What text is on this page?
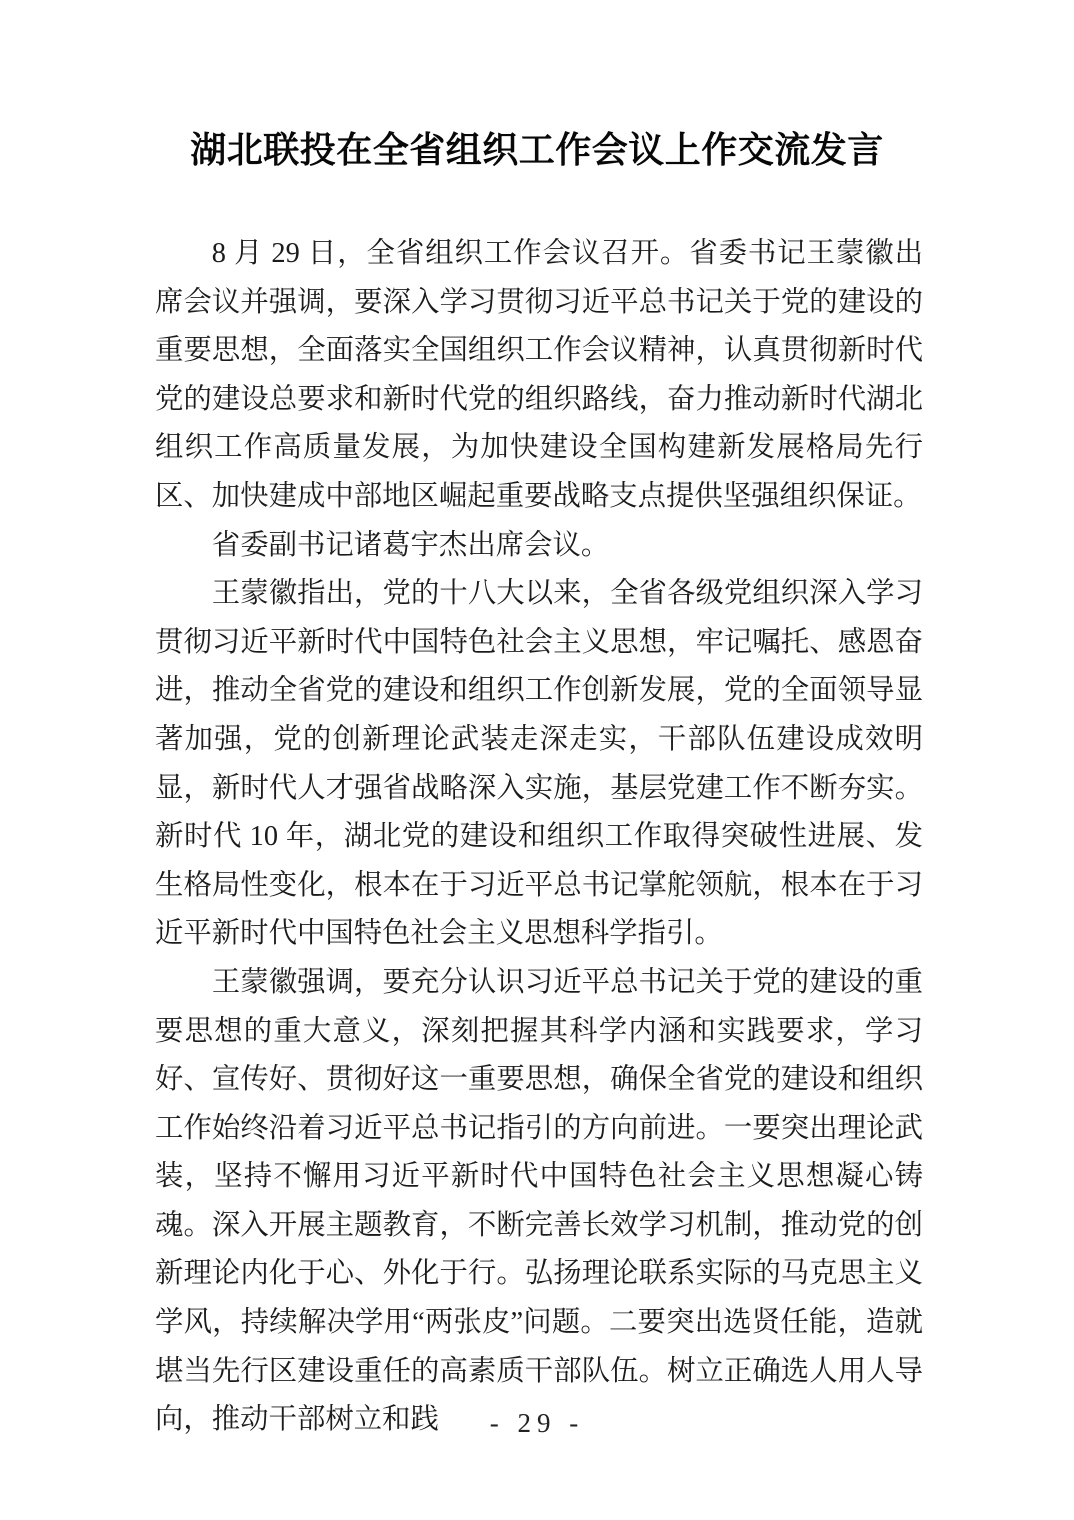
湖北联投在全省组织工作会议上作交流发言

8 月 29 日，全省组织工作会议召开。省委书记王蒙徽出席会议并强调，要深入学习贯彻习近平总书记关于党的建设的重要思想，全面落实全国组织工作会议精神，认真贯彻新时代党的建设总要求和新时代党的组织路线，奋力推动新时代湖北组织工作高质量发展，为加快建设全国构建新发展格局先行区、加快建成中部地区崛起重要战略支点提供坚强组织保证。

省委副书记诸葛宇杰出席会议。

王蒙徽指出，党的十八大以来，全省各级党组织深入学习贯彻习近平新时代中国特色社会主义思想，牢记嘱托、感恩奋进，推动全省党的建设和组织工作创新发展，党的全面领导显著加强，党的创新理论武装走深走实，干部队伍建设成效明显，新时代人才强省战略深入实施，基层党建工作不断夯实。新时代 10 年，湖北党的建设和组织工作取得突破性进展、发生格局性变化，根本在于习近平总书记掌舵领航，根本在于习近平新时代中国特色社会主义思想科学指引。

王蒙徽强调，要充分认识习近平总书记关于党的建设的重要思想的重大意义，深刻把握其科学内涵和实践要求，学习好、宣传好、贯彻好这一重要思想，确保全省党的建设和组织工作始终沿着习近平总书记指引的方向前进。一要突出理论武装，坚持不懈用习近平新时代中国特色社会主义思想凝心铸魂。深入开展主题教育，不断完善长效学习机制，推动党的创新理论内化于心、外化于行。弘扬理论联系实际的马克思主义学风，持续解决学用“两张皮”问题。二要突出选贤任能，造就堪当先行区建设重任的高素质干部队伍。树立正确选人用人导向，推动干部树立和践	- 29 -
